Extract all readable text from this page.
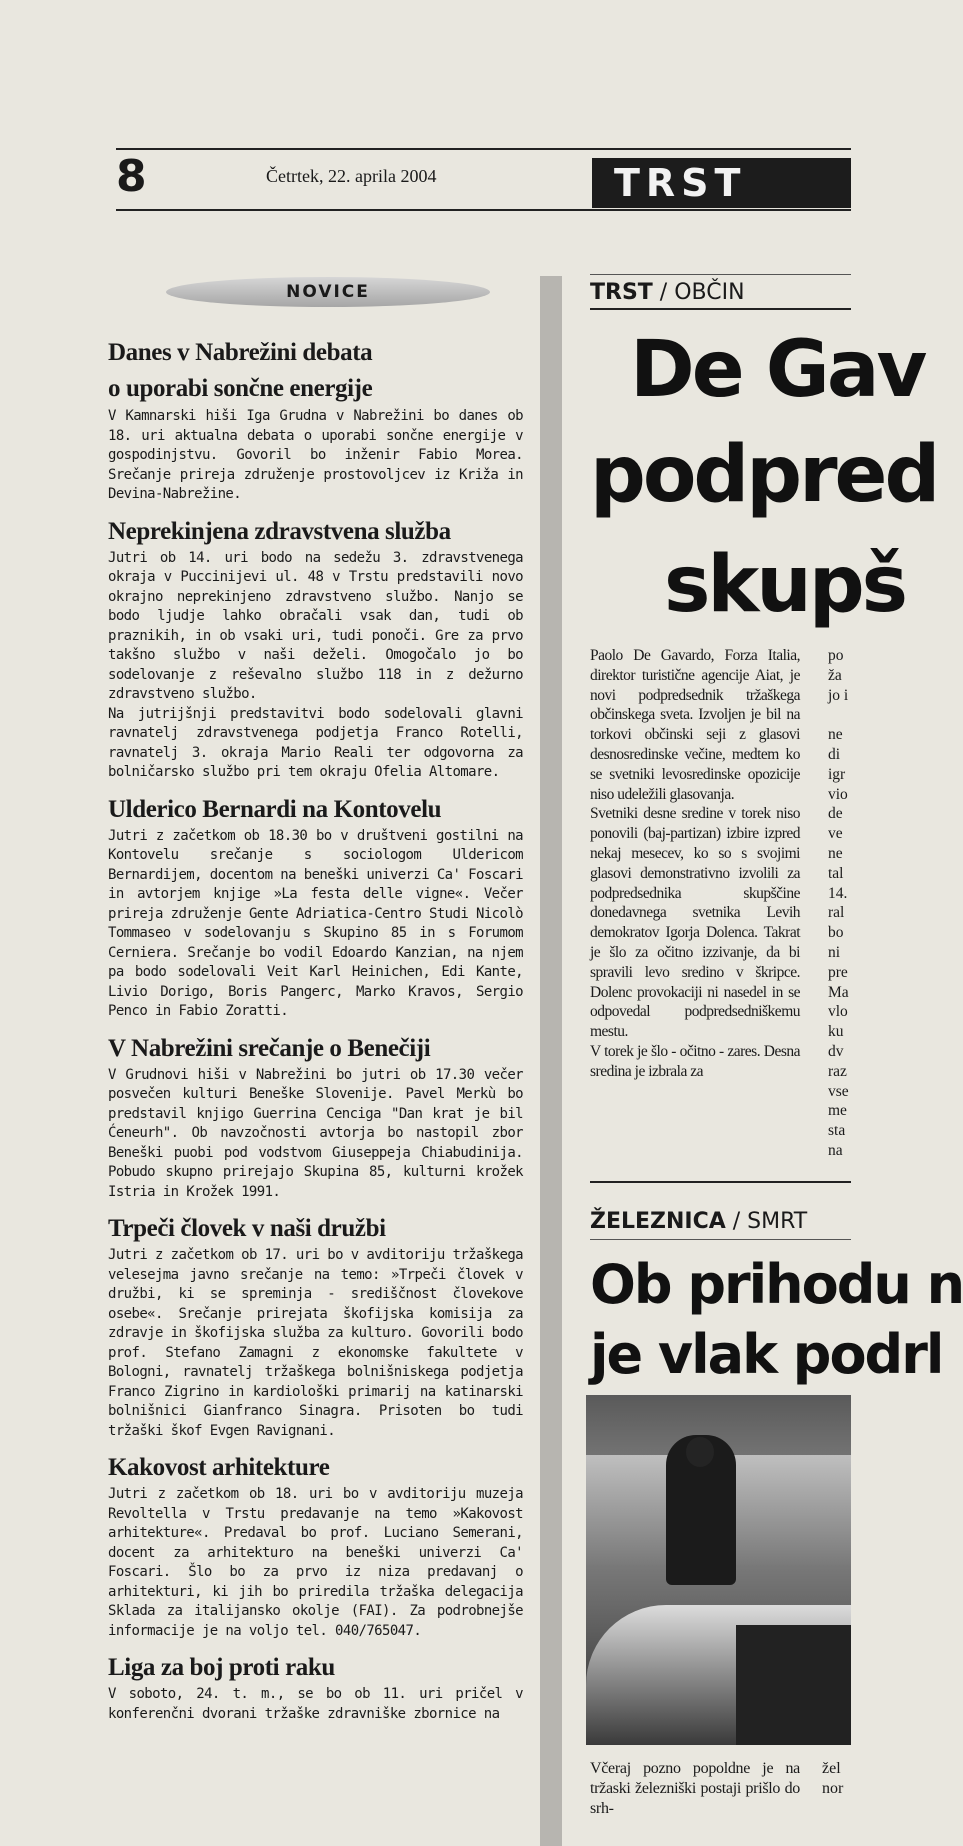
8	Četrtek, 22. aprila 2004	TRST
NOVICE
Danes v Nabrežini debata
o uporabi sončne energije
V Kamnarski hiši Iga Grudna v Nabrežini bo danes ob 18. uri aktualna debata o uporabi sončne energije v gospodinjstvu. Govoril bo inženir Fabio Morea. Srečanje prireja združenje prostovoljcev iz Križa in Devina-Nabrežine.
Neprekinjena zdravstvena služba
Jutri ob 14. uri bodo na sedežu 3. zdravstvenega okraja v Puccinijevi ul. 48 v Trstu predstavili novo okrajno neprekinjeno zdravstveno službo. Nanjo se bodo ljudje lahko obračali vsak dan, tudi ob praznikih, in ob vsaki uri, tudi ponoči. Gre za prvo takšno službo v naši deželi. Omogočalo jo bo sodelovanje z reševalno službo 118 in z dežurno zdravstveno službo.
Na jutrijšnji predstavitvi bodo sodelovali glavni ravnatelj zdravstvenega podjetja Franco Rotelli, ravnatelj 3. okraja Mario Reali ter odgovorna za bolničarsko službo pri tem okraju Ofelia Altomare.
Ulderico Bernardi na Kontovelu
Jutri z začetkom ob 18.30 bo v društveni gostilni na Kontovelu srečanje s sociologom Uldericom Bernardijem, docentom na beneški univerzi Ca' Foscari in avtorjem knjige »La festa delle vigne«. Večer prireja združenje Gente Adriatica-Centro Studi Nicolò Tommaseo v sodelovanju s Skupino 85 in s Forumom Cerniera. Srečanje bo vodil Edoardo Kanzian, na njem pa bodo sodelovali Veit Karl Heinichen, Edi Kante, Livio Dorigo, Boris Pangerc, Marko Kravos, Sergio Penco in Fabio Zoratti.
V Nabrežini srečanje o Benečiji
V Grudnovi hiši v Nabrežini bo jutri ob 17.30 večer posvečen kulturi Beneške Slovenije. Pavel Merkù bo predstavil knjigo Guerrina Cenciga "Dan krat je bil Ćeneurh". Ob navzočnosti avtorja bo nastopil zbor Beneški puobi pod vodstvom Giuseppeja Chiabudinija. Pobudo skupno prirejajo Skupina 85, kulturni krožek Istria in Krožek 1991.
Trpeči človek v naši družbi
Jutri z začetkom ob 17. uri bo v avditoriju tržaškega velesejma javno srečanje na temo: »Trpeči človek v družbi, ki se spreminja - središčnost človekove osebe«. Srečanje prirejata škofijska komisija za zdravje in škofijska služba za kulturo. Govorili bodo prof. Stefano Zamagni z ekonomske fakultete v Bologni, ravnatelj tržaškega bolnišniskega podjetja Franco Zigrino in kardiološki primarij na katinarski bolnišnici Gianfranco Sinagra. Prisoten bo tudi tržaški škof Evgen Ravignani.
Kakovost arhitekture
Jutri z začetkom ob 18. uri bo v avditoriju muzeja Revoltella v Trstu predavanje na temo »Kakovost arhitekture«. Predaval bo prof. Luciano Semerani, docent za arhitekturo na beneški univerzi Ca' Foscari. Šlo bo za prvo iz niza predavanj o arhitekturi, ki jih bo priredila tržaška delegacija Sklada za italijansko okolje (FAI). Za podrobnejše informacije je na voljo tel. 040/765047.
Liga za boj proti raku
V soboto, 24. t. m., se bo ob 11. uri pričel v konferenčni dvorani tržaške zdravniške zbornice na
TRST / OBČIN
De Gav
podpred
skupš
Paolo De Gavardo, Forza Italia, direktor turistične agencije Aiat, je novi podpredsednik tržaškega občinskega sveta. Izvoljen je bil na torkovi občinski seji z glasovi desnosredinske večine, medtem ko se svetniki levosredinske opozicije niso udeležili glasovanja.
Svetniki desne sredine v torek niso ponovili (baj-partizan) izbire izpred nekaj mesecev, ko so s svojimi glasovi demonstrativno izvolili za podpredsednika skupščine donedavnega svetnika Levih demokratov Igorja Dolenca. Takrat je šlo za očitno izzivanje, da bi spravili levo sredino v škripce. Dolenc provokaciji ni nasedel in se odpovedal podpredsedniškemu mestu.
V torek je šlo - očitno - zares. Desna sredina je izbrala za
po
ža
jo i

ne
di
igr
vio
de
ve
ne
tal
14.
ral
bo
ni
pre
Ma
vlo
ku
dv
raz
vse
me
sta
na
ŽELEZNICA / SMRT
Ob prihodu n
je vlak podrl
Včeraj pozno popoldne je na tržaski železniški postaji prišlo do srh-
žel
nor
